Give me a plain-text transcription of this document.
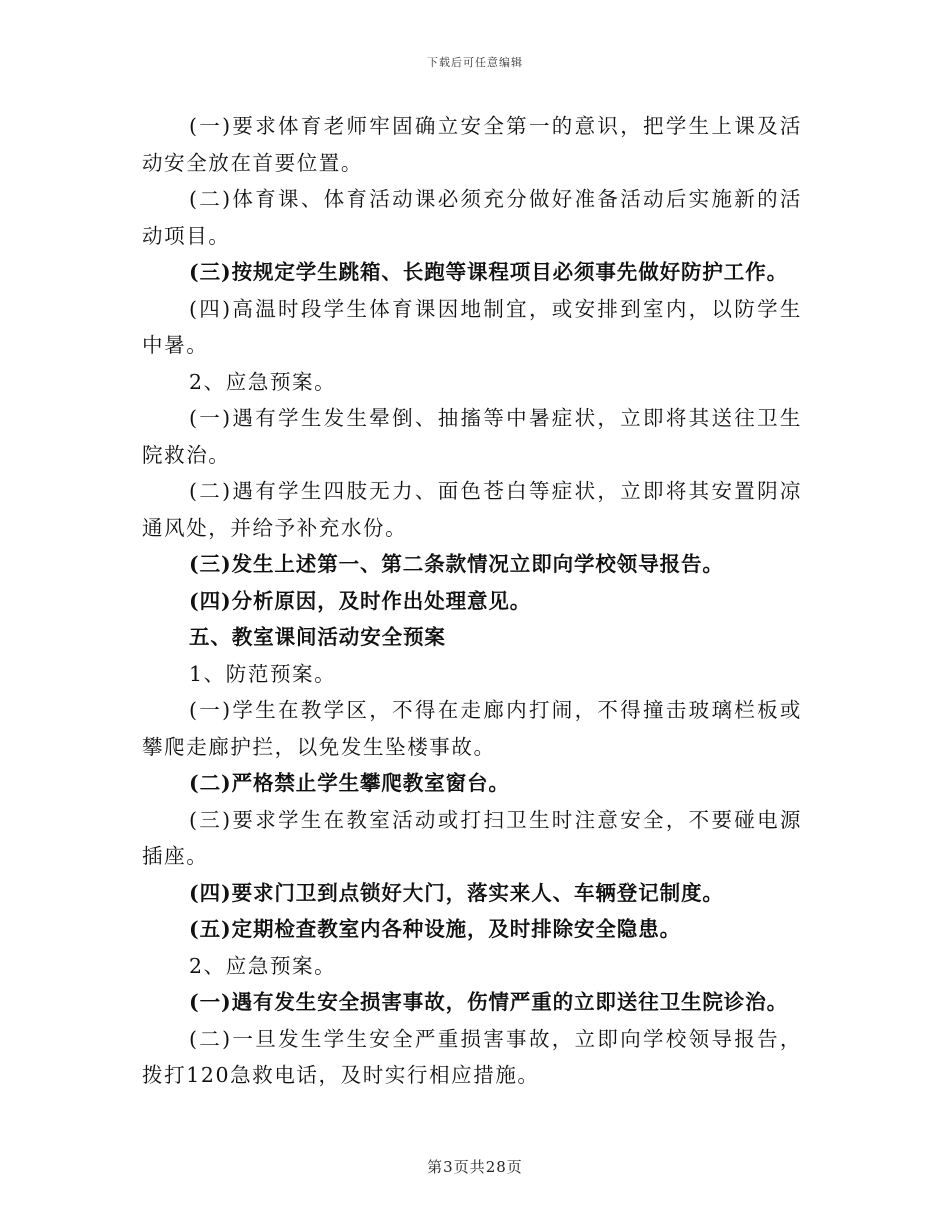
下载后可任意编辑

(一)要求体育老师牢固确立安全第一的意识，把学生上课及活动安全放在首要位置。

(二)体育课、体育活动课必须充分做好准备活动后实施新的活动项目。

(三)按规定学生跳箱、长跑等课程项目必须事先做好防护工作。

(四)高温时段学生体育课因地制宜，或安排到室内，以防学生中暑。

2、应急预案。

(一)遇有学生发生晕倒、抽搐等中暑症状，立即将其送往卫生院救治。

(二)遇有学生四肢无力、面色苍白等症状，立即将其安置阴凉通风处，并给予补充水份。

(三)发生上述第一、第二条款情况立即向学校领导报告。

(四)分析原因，及时作出处理意见。

五、教室课间活动安全预案

1、防范预案。

(一)学生在教学区，不得在走廊内打闹，不得撞击玻璃栏板或攀爬走廊护拦，以免发生坠楼事故。

(二)严格禁止学生攀爬教室窗台。

(三)要求学生在教室活动或打扫卫生时注意安全，不要碰电源插座。

(四)要求门卫到点锁好大门，落实来人、车辆登记制度。

(五)定期检查教室内各种设施，及时排除安全隐患。

2、应急预案。

(一)遇有发生安全损害事故，伤情严重的立即送往卫生院诊治。

(二)一旦发生学生安全严重损害事故，立即向学校领导报告，拨打120急救电话，及时实行相应措施。

第3页共28页
